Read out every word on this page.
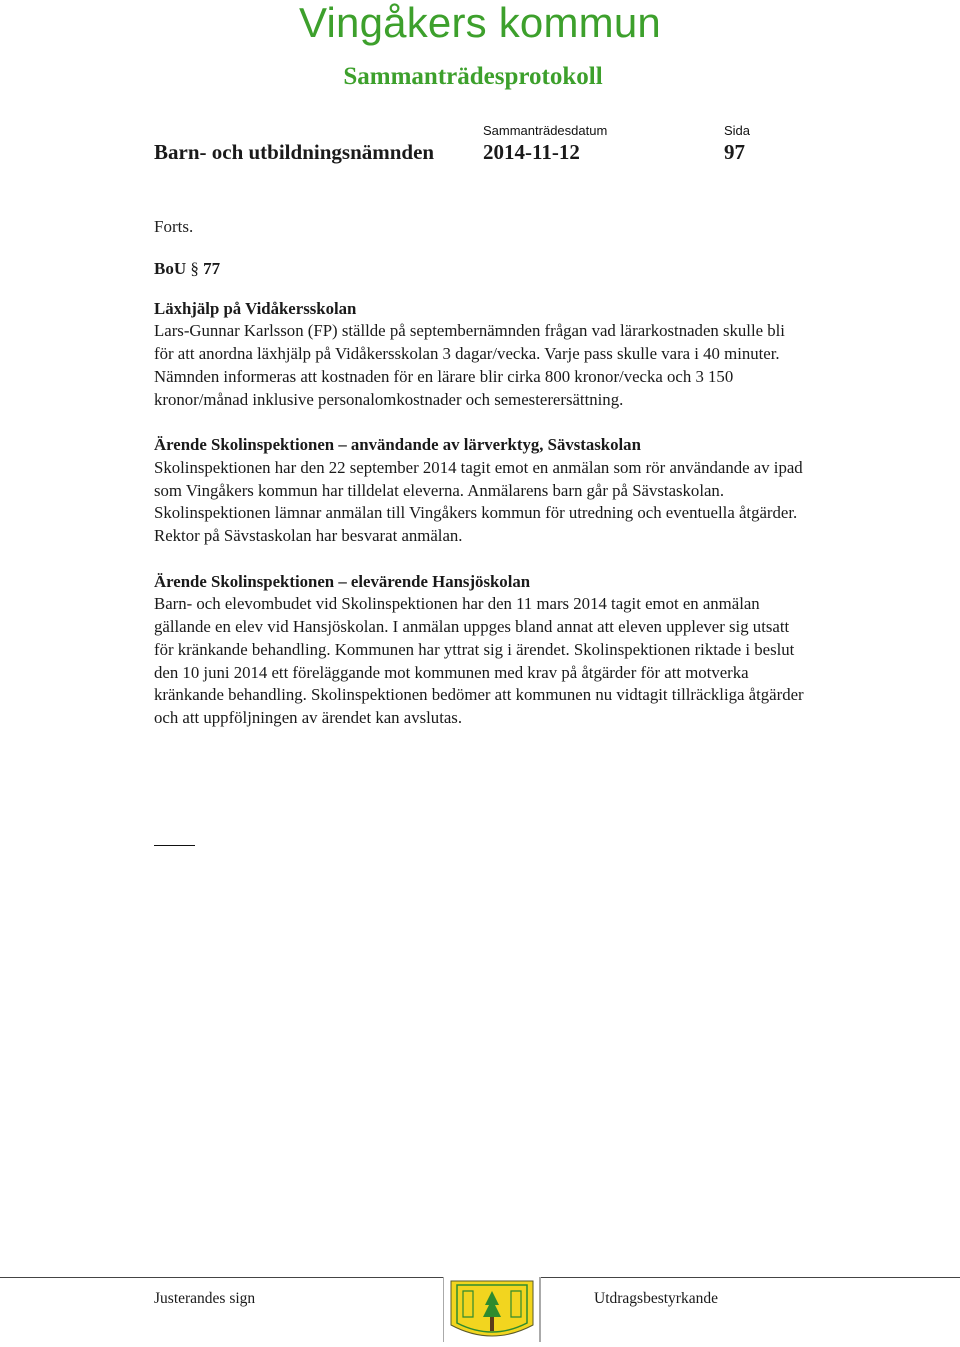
Vingåkers kommun
Sammanträdesprotokoll
Barn- och utbildningsnämnden
Sammanträdesdatum
2014-11-12
Sida
97
Forts.
BoU § 77
Läxhjälp på Vidåkersskolan

Lars-Gunnar Karlsson (FP) ställde på septembernämnden frågan vad lärarkostnaden skulle bli för att anordna läxhjälp på Vidåkersskolan 3 dagar/vecka. Varje pass skulle vara i 40 minuter. Nämnden informeras att kostnaden för en lärare blir cirka 800 kronor/vecka och 3 150 kronor/månad inklusive personalomkostnader och semesterersättning.

Ärende Skolinspektionen – användande av lärverktyg, Sävstaskolan

Skolinspektionen har den 22 september 2014 tagit emot en anmälan som rör användande av ipad som Vingåkers kommun har tilldelat eleverna. Anmälarens barn går på Sävstaskolan. Skolinspektionen lämnar anmälan till Vingåkers kommun för utredning och eventuella åtgärder. Rektor på Sävstaskolan har besvarat anmälan.

Ärende Skolinspektionen – elevärende Hansjöskolan

Barn- och elevombudet vid Skolinspektionen har den 11 mars 2014 tagit emot en anmälan gällande en elev vid Hansjöskolan. I anmälan uppges bland annat att eleven upplever sig utsatt för kränkande behandling. Kommunen har yttrat sig i ärendet. Skolinspektionen riktade i beslut den 10 juni 2014 ett föreläggande mot kommunen med krav på åtgärder för att motverka kränkande behandling. Skolinspektionen bedömer att kommunen nu vidtagit tillräckliga åtgärder och att uppföljningen av ärendet kan avslutas.

Justerandes sign	Utdragsbestyrkande
